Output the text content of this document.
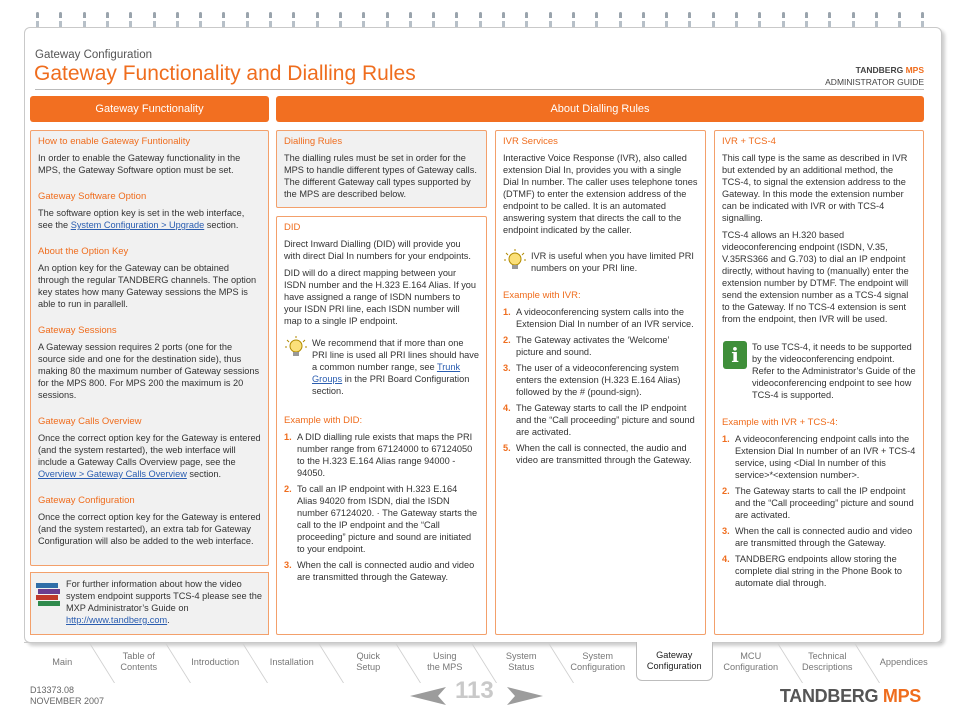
Gateway Configuration
Gateway Functionality and Dialling Rules	TANDBERG MPS
ADMINISTRATOR GUIDE
Gateway Functionality	About Dialling Rules
How to enable Gateway Funtionality
In order to enable the Gateway functionality in the MPS, the Gateway Software option must be set.
Gateway Software Option
The software option key is set in the web interface, see the System Configuration > Upgrade section.
About the Option Key
An option key for the Gateway can be obtained through the regular TANDBERG channels. The option key states how many Gateway sessions the MPS is able to run in parallell.
Gateway Sessions
A Gateway session requires 2 ports (one for the source side and one for the destination side), thus making 80 the maximum number of Gateway sessions for the MPS 800. For MPS 200 the maximum is 20 sessions.
Gateway Calls Overview
Once the correct option key for the Gateway is entered (and the system restarted), the web interface will include a Gateway Calls Overview page, see the Overview > Gateway Calls Overview section.
Gateway Configuration
Once the correct option key for the Gateway is entered (and the system restarted), an extra tab for Gateway Configuration will also be added to the web interface.
For further information about how the video system endpoint supports TCS-4 please see the MXP Administrator’s Guide on http://www.tandberg.com.
Dialling Rules
The dialling rules must be set in order for the MPS to handle different types of Gateway calls. The different Gateway call types supported by the MPS are described below.
DID
Direct Inward Dialling (DID) will provide you with direct Dial In numbers for your endpoints.
DID will do a direct mapping between your ISDN number and the H.323 E.164 Alias. If you have assigned a range of ISDN numbers to your ISDN PRI line, each ISDN number will map to a single IP endpoint.
We recommend that if more than one PRI line is used all PRI lines should have a common number range, see Trunk Groups in the PRI Board Configuration section.
Example with DID:
1. A DID dialling rule exists that maps the PRI number range from 67124000 to 67124050 to the H.323 E.164 Alias range 94000 - 94050.
2. To call an IP endpoint with H.323 E.164 Alias 94020 from ISDN, dial the ISDN number 67124020. · The Gateway starts the call to the IP endpoint and the “Call proceeding” picture and sound are initiated to your endpoint.
3. When the call is connected audio and video are transmitted through the Gateway.
IVR Services
Interactive Voice Response (IVR), also called extension Dial In, provides you with a single Dial In number. The caller uses telephone tones (DTMF) to enter the extension address of the endpoint to be called. It is an automated answering system that directs the call to the endpoint indicated by the caller.
IVR is useful when you have limited PRI numbers on your PRI line.
Example with IVR:
1. A videoconferencing system calls into the Extension Dial In number of an IVR service.
2. The Gateway activates the ‘Welcome’ picture and sound.
3. The user of a videoconferencing system enters the extension (H.323 E.164 Alias) followed by the # (pound-sign).
4. The Gateway starts to call the IP endpoint and the “Call proceeding” picture and sound are activated.
5. When the call is connected, the audio and video are transmitted through the Gateway.
IVR + TCS-4
This call type is the same as described in IVR but extended by an additional method, the TCS-4, to signal the extension address to the Gateway. In this mode the extension number can be indicated with IVR or with TCS-4 signalling.
TCS-4 allows an H.320 based videoconferencing endpoint (ISDN, V.35, V.35RS366 and G.703) to dial an IP endpoint directly, without having to (manually) enter the extension number by DTMF. The endpoint will send the extension number as a TCS-4 signal to the Gateway. If no TCS-4 extension is sent from the endpoint, then IVR will be used.
i	To use TCS-4, it needs to be supported by the videoconferencing endpoint. Refer to the Administrator’s Guide of the videoconferencing endpoint to see how TCS-4 is supported.
Example with IVR + TCS-4:
1. A videoconferencing endpoint calls into the Extension Dial In number of an IVR + TCS-4 service, using <Dial In number of this service>*<extension number>.
2. The Gateway starts to call the IP endpoint and the “Call proceeding” picture and sound are activated.
3. When the call is connected audio and video are transmitted through the Gateway.
4. TANDBERG endpoints allow storing the complete dial string in the Phone Book to automate dial through.
Main
Table of
Contents
Introduction	Installation
Quick
Setup
Using
the MPS
System
Status
System
Configuration
Gateway
Configuration
MCU
Configuration
Technical
Descriptions
Appendices
D13373.08
NOVEMBER 2007	113	TANDBERG MPS
